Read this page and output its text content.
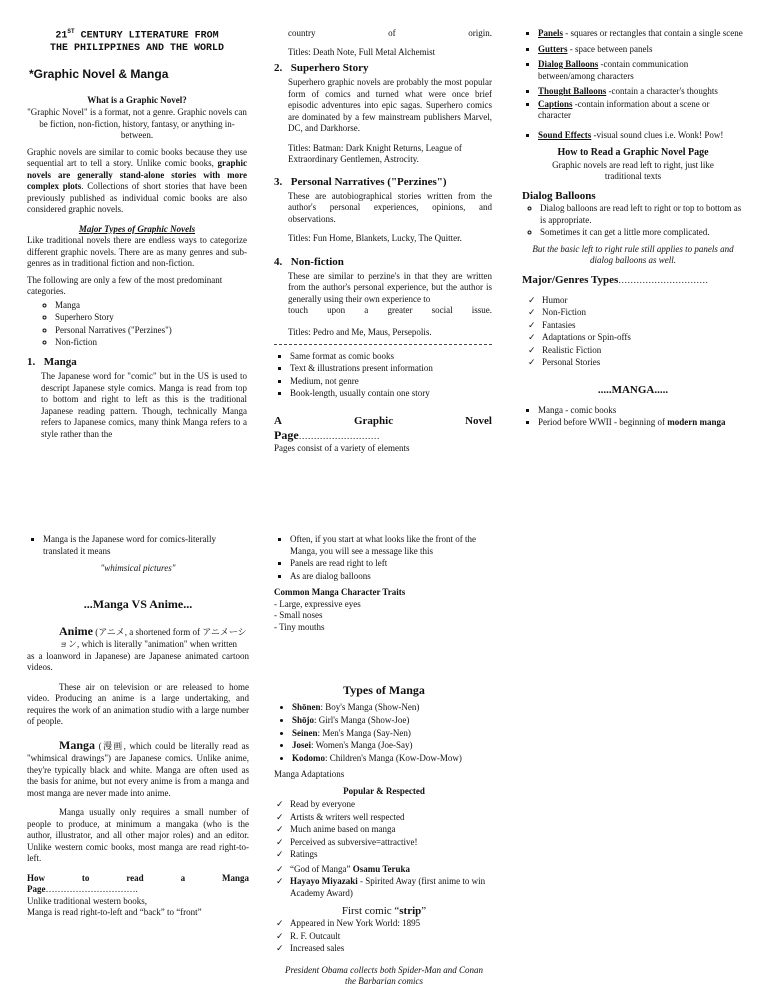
21ST CENTURY LITERATURE FROM
THE PHILIPPINES AND THE WORLD
*Graphic Novel & Manga
What is a Graphic Novel?

"Graphic Novel" is a format, not a genre. Graphic novels can be fiction, non-fiction, history, fantasy, or anything in-between.

Graphic novels are similar to comic books because they use sequential art to tell a story. Unlike comic books, graphic novels are generally stand-alone stories with more complex plots. Collections of short stories that have been previously published as individual comic books are also considered graphic novels.

Major Types of Graphic Novels

Like traditional novels there are endless ways to categorize different graphic novels. There are as many genres and sub-genres as in traditional fiction and non-fiction.

The following are only a few of the most predominant categories.

◦ Manga
◦ Superhero Story
◦ Personal Narratives ("Perzines")
◦ Non-fiction
1. Manga

The Japanese word for "comic" but in the US is used to descript Japanese style comics. Manga is read from top to bottom and right to left as this is the traditional Japanese reading pattern. Though, technically Manga refers to Japanese comics, many think Manga refers to a style rather than the

country	of	origin.

Titles: Death Note, Full Metal Alchemist

2. Superhero Story

Superhero graphic novels are probably the most popular form of comics and turned what were once brief episodic adventures into epic sagas. Superhero comics are dominated by a few mainstream publishers Marvel, DC, and Darkhorse.

Titles: Batman: Dark Knight Returns, League of Extraordinary Gentlemen, Astrocity.

3. Personal Narratives ("Perzines")

These are autobiographical stories written from the author's personal experiences, opinions, and observations.

Titles: Fun Home, Blankets, Lucky, The Quitter.

4. Non-fiction

These are similar to perzine's in that they are written from the author's personal experience, but the author is generally using their own experience to

touch upon a greater social issue.

Titles: Pedro and Me, Maus, Persepolis.

▪ Same format as comic books
▪ Text & illustrations present information
▪ Medium, not genre
▪ Book-length, usually contain one story
A	Graphic	Novel
Page………………………
Pages consist of a variety of elements
▪ Panels - squares or rectangles that contain a single scene
▪ Gutters - space between panels
▪ Dialog Balloons -contain communication between/among characters
▪ Thought Balloons -contain a character's thoughts
▪ Captions -contain information about a scene or character
▪ Sound Effects -visual sound clues i.e. Wonk! Pow!
How to Read a Graphic Novel Page

Graphic novels are read left to right, just like traditional texts

Dialog Balloons
◦ Dialog balloons are read left to right or top to bottom as is appropriate.
◦ Sometimes it can get a little more complicated.

But the basic left to right rule still applies to panels and dialog balloons as well.

Major/Genres Types…………………………
✓ Humor
✓ Non-Fiction
✓ Fantasies
✓ Adaptations or Spin-offs
✓ Realistic Fiction
✓ Personal Stories
.....MANGA.....
▪ Manga - comic books
▪ Period before WWII - beginning of modern manga
▪ Manga is the Japanese word for comics-literally translated it means
"whimsical pictures"
...Manga VS Anime...
Anime (アニメ, a shortened form of アニメーション, which is literally "animation" when written

as a loanword in Japanese) are Japanese animated cartoon videos.

These air on television or are released to home video. Producing an anime is a large undertaking, and requires the work of an animation studio with a large number of people.

Manga (漫画, which could be literally read as "whimsical drawings") are Japanese comics. Unlike anime, they're typically black and white. Manga are often used as the basis for anime, but not every anime is from a manga and most manga are never made into anime.

Manga usually only requires a small number of people to produce, at minimum a mangaka (who is the author, illustrator, and all other major roles) and an editor. Unlike western comic books, most manga are read right-to-left.

How	to	read	a	Manga
Page………………………….
Unlike traditional western books,
Manga is read right-to-left and “back” to “front”
▪ Often, if you start at what looks like the front of the Manga, you will see a message like this
▪ Panels are read right to left
▪ As are dialog balloons
Common Manga Character Traits
- Large, expressive eyes
- Small noses
- Tiny mouths
Types of Manga
• Shōnen: Boy's Manga (Show-Nen)
• Shōjo: Girl's Manga (Show-Joe)
• Seinen: Men's Manga (Say-Nen)
• Josei: Women's Manga (Joe-Say)
• Kodomo: Children's Manga (Kow-Dow-Mow)
Manga Adaptations
Popular & Respected
✓ Read by everyone
✓ Artists & writers well respected
✓ Much anime based on manga
✓ Perceived as subversive=attractive!
✓ Ratings
✓ “God of Manga” Osamu Teruka
✓ Hayayo Miyazaki - Spirited Away (first anime to win Academy Award)
First comic “strip”
✓ Appeared in New York World: 1895
✓ R. F. Outcault
✓ Increased sales

President Obama collects both Spider-Man and Conan the Barbarian comics
